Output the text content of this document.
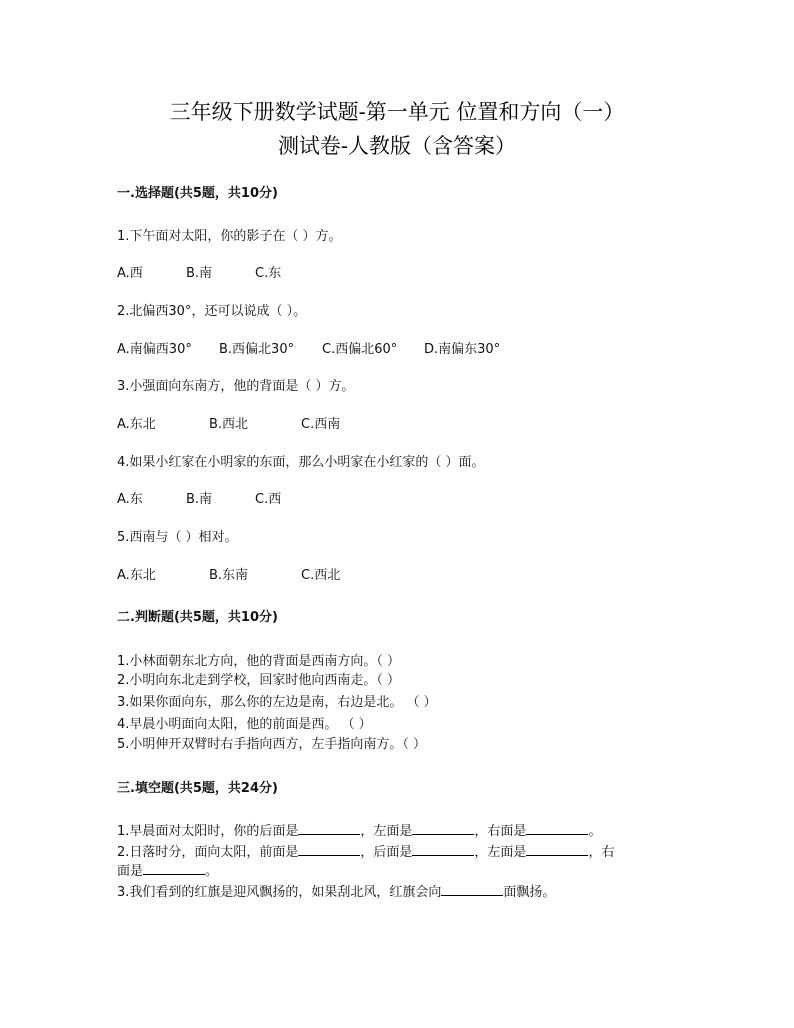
三年级下册数学试题-第一单元 位置和方向（一）
测试卷-人教版（含答案）
一.选择题(共5题，共10分)
1.下午面对太阳，你的影子在（ ）方。
A.西	B.南	C.东
2.北偏西30°，还可以说成（ ）。
A.南偏西30° B.西偏北30° C.西偏北60° D.南偏东30°
3.小强面向东南方，他的背面是（ ）方。
A.东北	B.西北	C.西南
4.如果小红家在小明家的东面，那么小明家在小红家的（ ）面。
A.东	B.南	C.西
5.西南与（ ）相对。
A.东北	B.东南	C.西北
二.判断题(共5题，共10分)
1.小林面朝东北方向，他的背面是西南方向。（ ）
2.小明向东北走到学校，回家时他向西南走。（ ）
3.如果你面向东，那么你的左边是南，右边是北。 （ ）
4.早晨小明面向太阳，他的前面是西。 （ ）
5.小明伸开双臂时右手指向西方，左手指向南方。（ ）
三.填空题(共5题，共24分)
1.早晨面对太阳时，你的后面是	，左面是	，右面是	。
2.日落时分，面向太阳，前面是	，后面是	，左面是	，右
面是	。
3.我们看到的红旗是迎风飘扬的，如果刮北风，红旗会向	面飘扬。
